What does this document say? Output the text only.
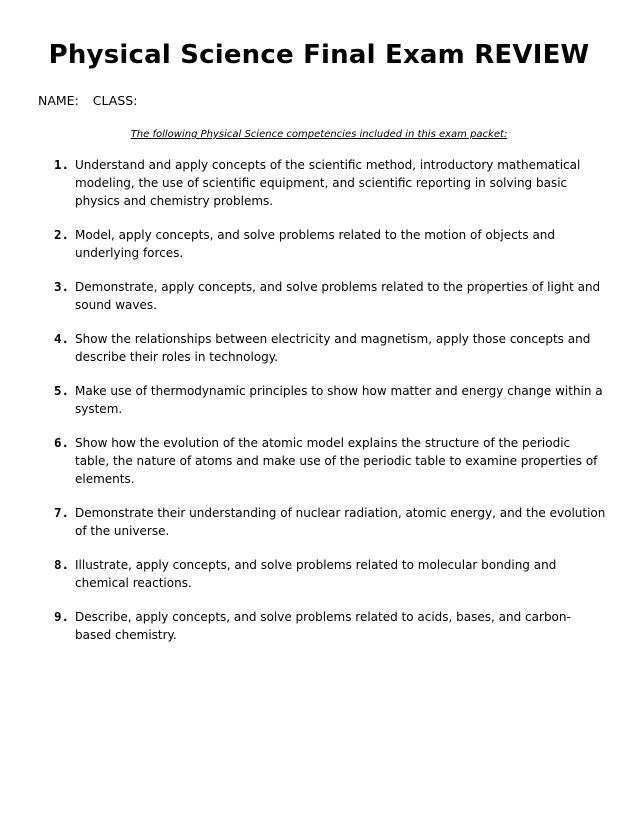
Physical Science Final Exam REVIEW
NAME: CLASS:
The following Physical Science competencies included in this exam packet:
1. Understand and apply concepts of the scientific method, introductory mathematical modeling, the use of scientific equipment, and scientific reporting in solving basic physics and chemistry problems.
2. Model, apply concepts, and solve problems related to the motion of objects and underlying forces.
3. Demonstrate, apply concepts, and solve problems related to the properties of light and sound waves.
4. Show the relationships between electricity and magnetism, apply those concepts and describe their roles in technology.
5. Make use of thermodynamic principles to show how matter and energy change within a system.
6. Show how the evolution of the atomic model explains the structure of the periodic table, the nature of atoms and make use of the periodic table to examine properties of elements.
7. Demonstrate their understanding of nuclear radiation, atomic energy, and the evolution of the universe.
8. Illustrate, apply concepts, and solve problems related to molecular bonding and chemical reactions.
9. Describe, apply concepts, and solve problems related to acids, bases, and carbon-based chemistry.
